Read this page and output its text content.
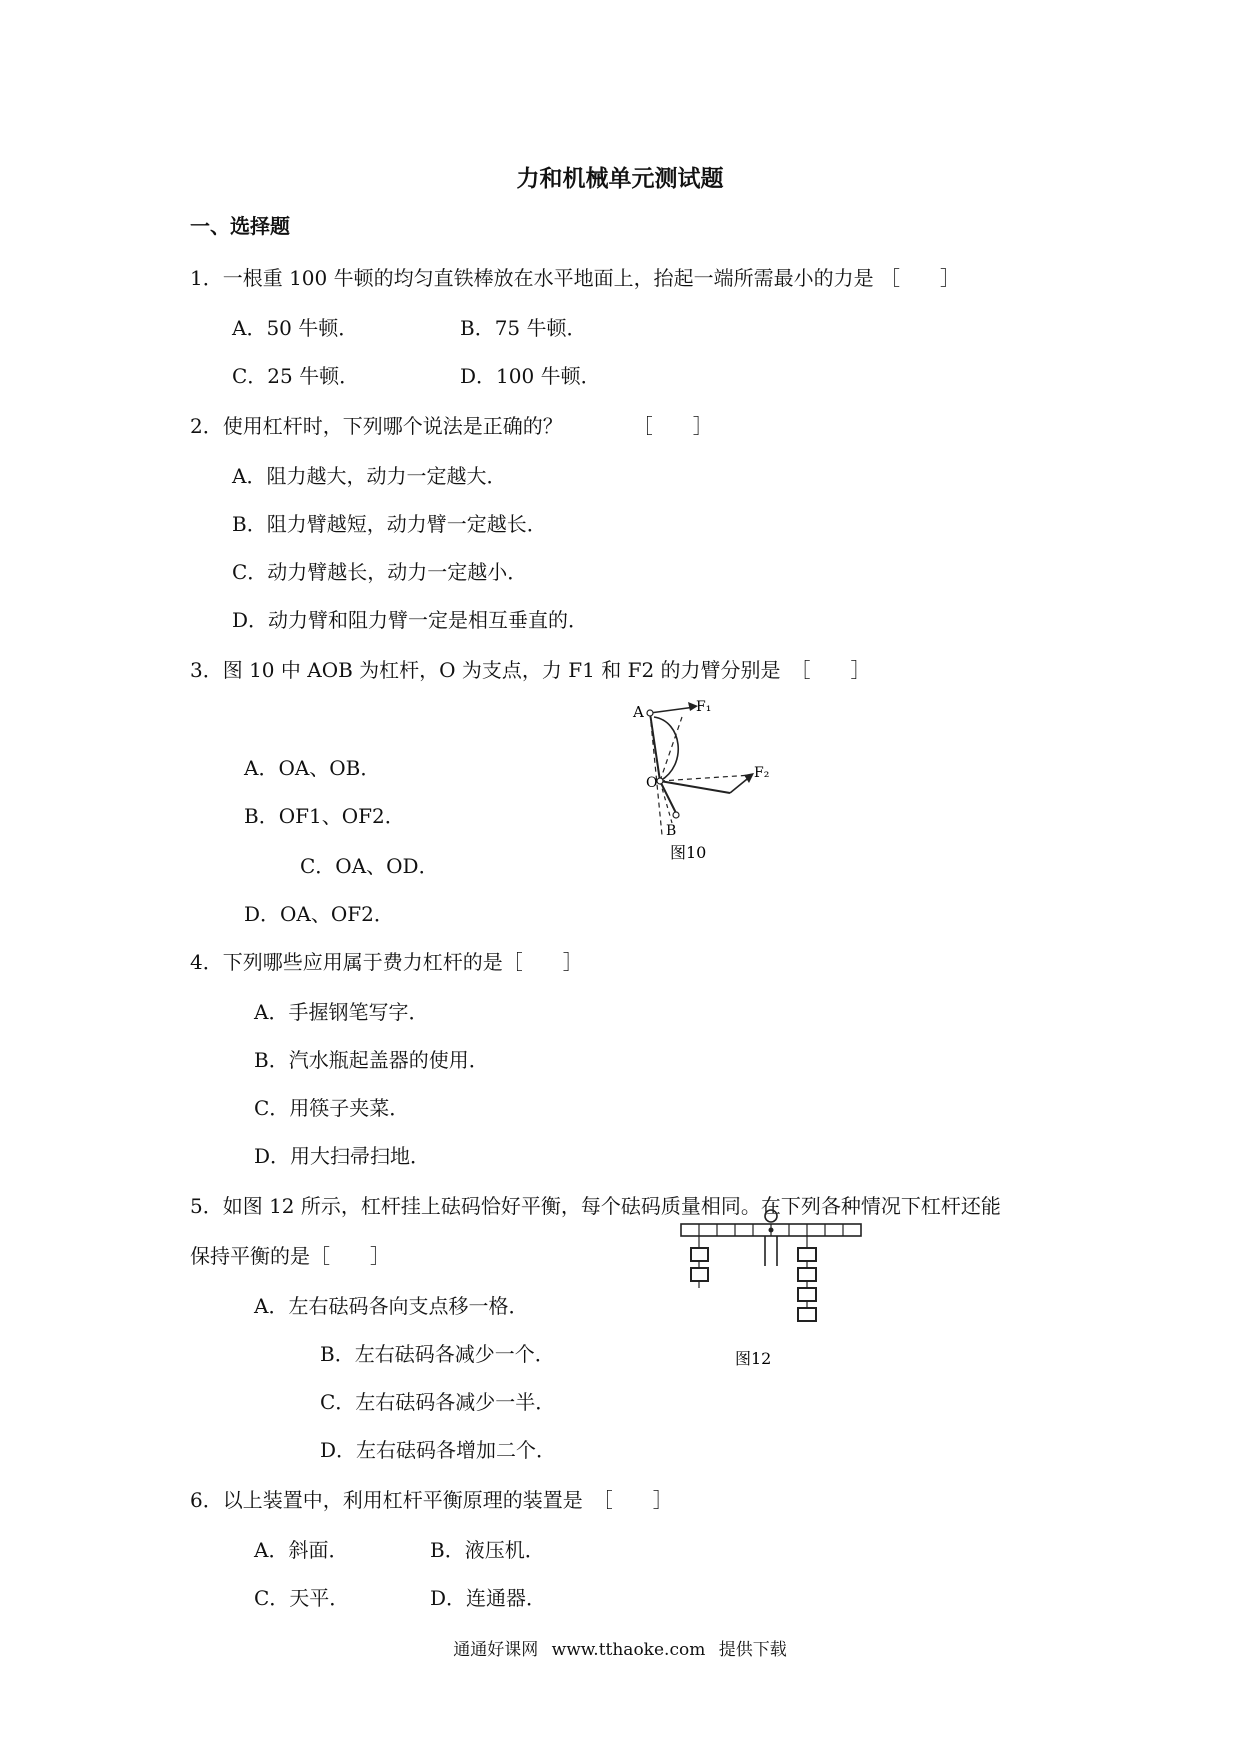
力和机械单元测试题
一、选择题
1．一根重 100 牛顿的均匀直铁棒放在水平地面上，抬起一端所需最小的力是 ［　　］
A．50 牛顿．	B．75 牛顿．
C．25 牛顿．	D．100 牛顿．
2．使用杠杆时，下列哪个说法是正确的？　　　　［　　］
A．阻力越大，动力一定越大．
B．阻力臂越短，动力臂一定越长．
C．动力臂越长，动力一定越小．
D．动力臂和阻力臂一定是相互垂直的．
3．图 10 中 AOB 为杠杆，O 为支点，力 F1 和 F2 的力臂分别是　［　　］
A．OA、OB．
B．OF1、OF2．
C．OA、OD．
D．OA、OF2．
A	F₁
O
F₂
B
图10
4．下列哪些应用属于费力杠杆的是［　　］
A．手握钢笔写字．
B．汽水瓶起盖器的使用．
C．用筷子夹菜．
D．用大扫帚扫地．
5．如图 12 所示，杠杆挂上砝码恰好平衡，每个砝码质量相同。在下列各种情况下杠杆还能
保持平衡的是［　　］
A．左右砝码各向支点移一格．
B．左右砝码各减少一个．
C．左右砝码各减少一半．
D．左右砝码各增加二个．
图12
6．以上装置中，利用杠杆平衡原理的装置是　［　　］
A．斜面．	B．液压机．
C．天平．	D．连通器．
通通好课网 www.tthaoke.com 提供下载
